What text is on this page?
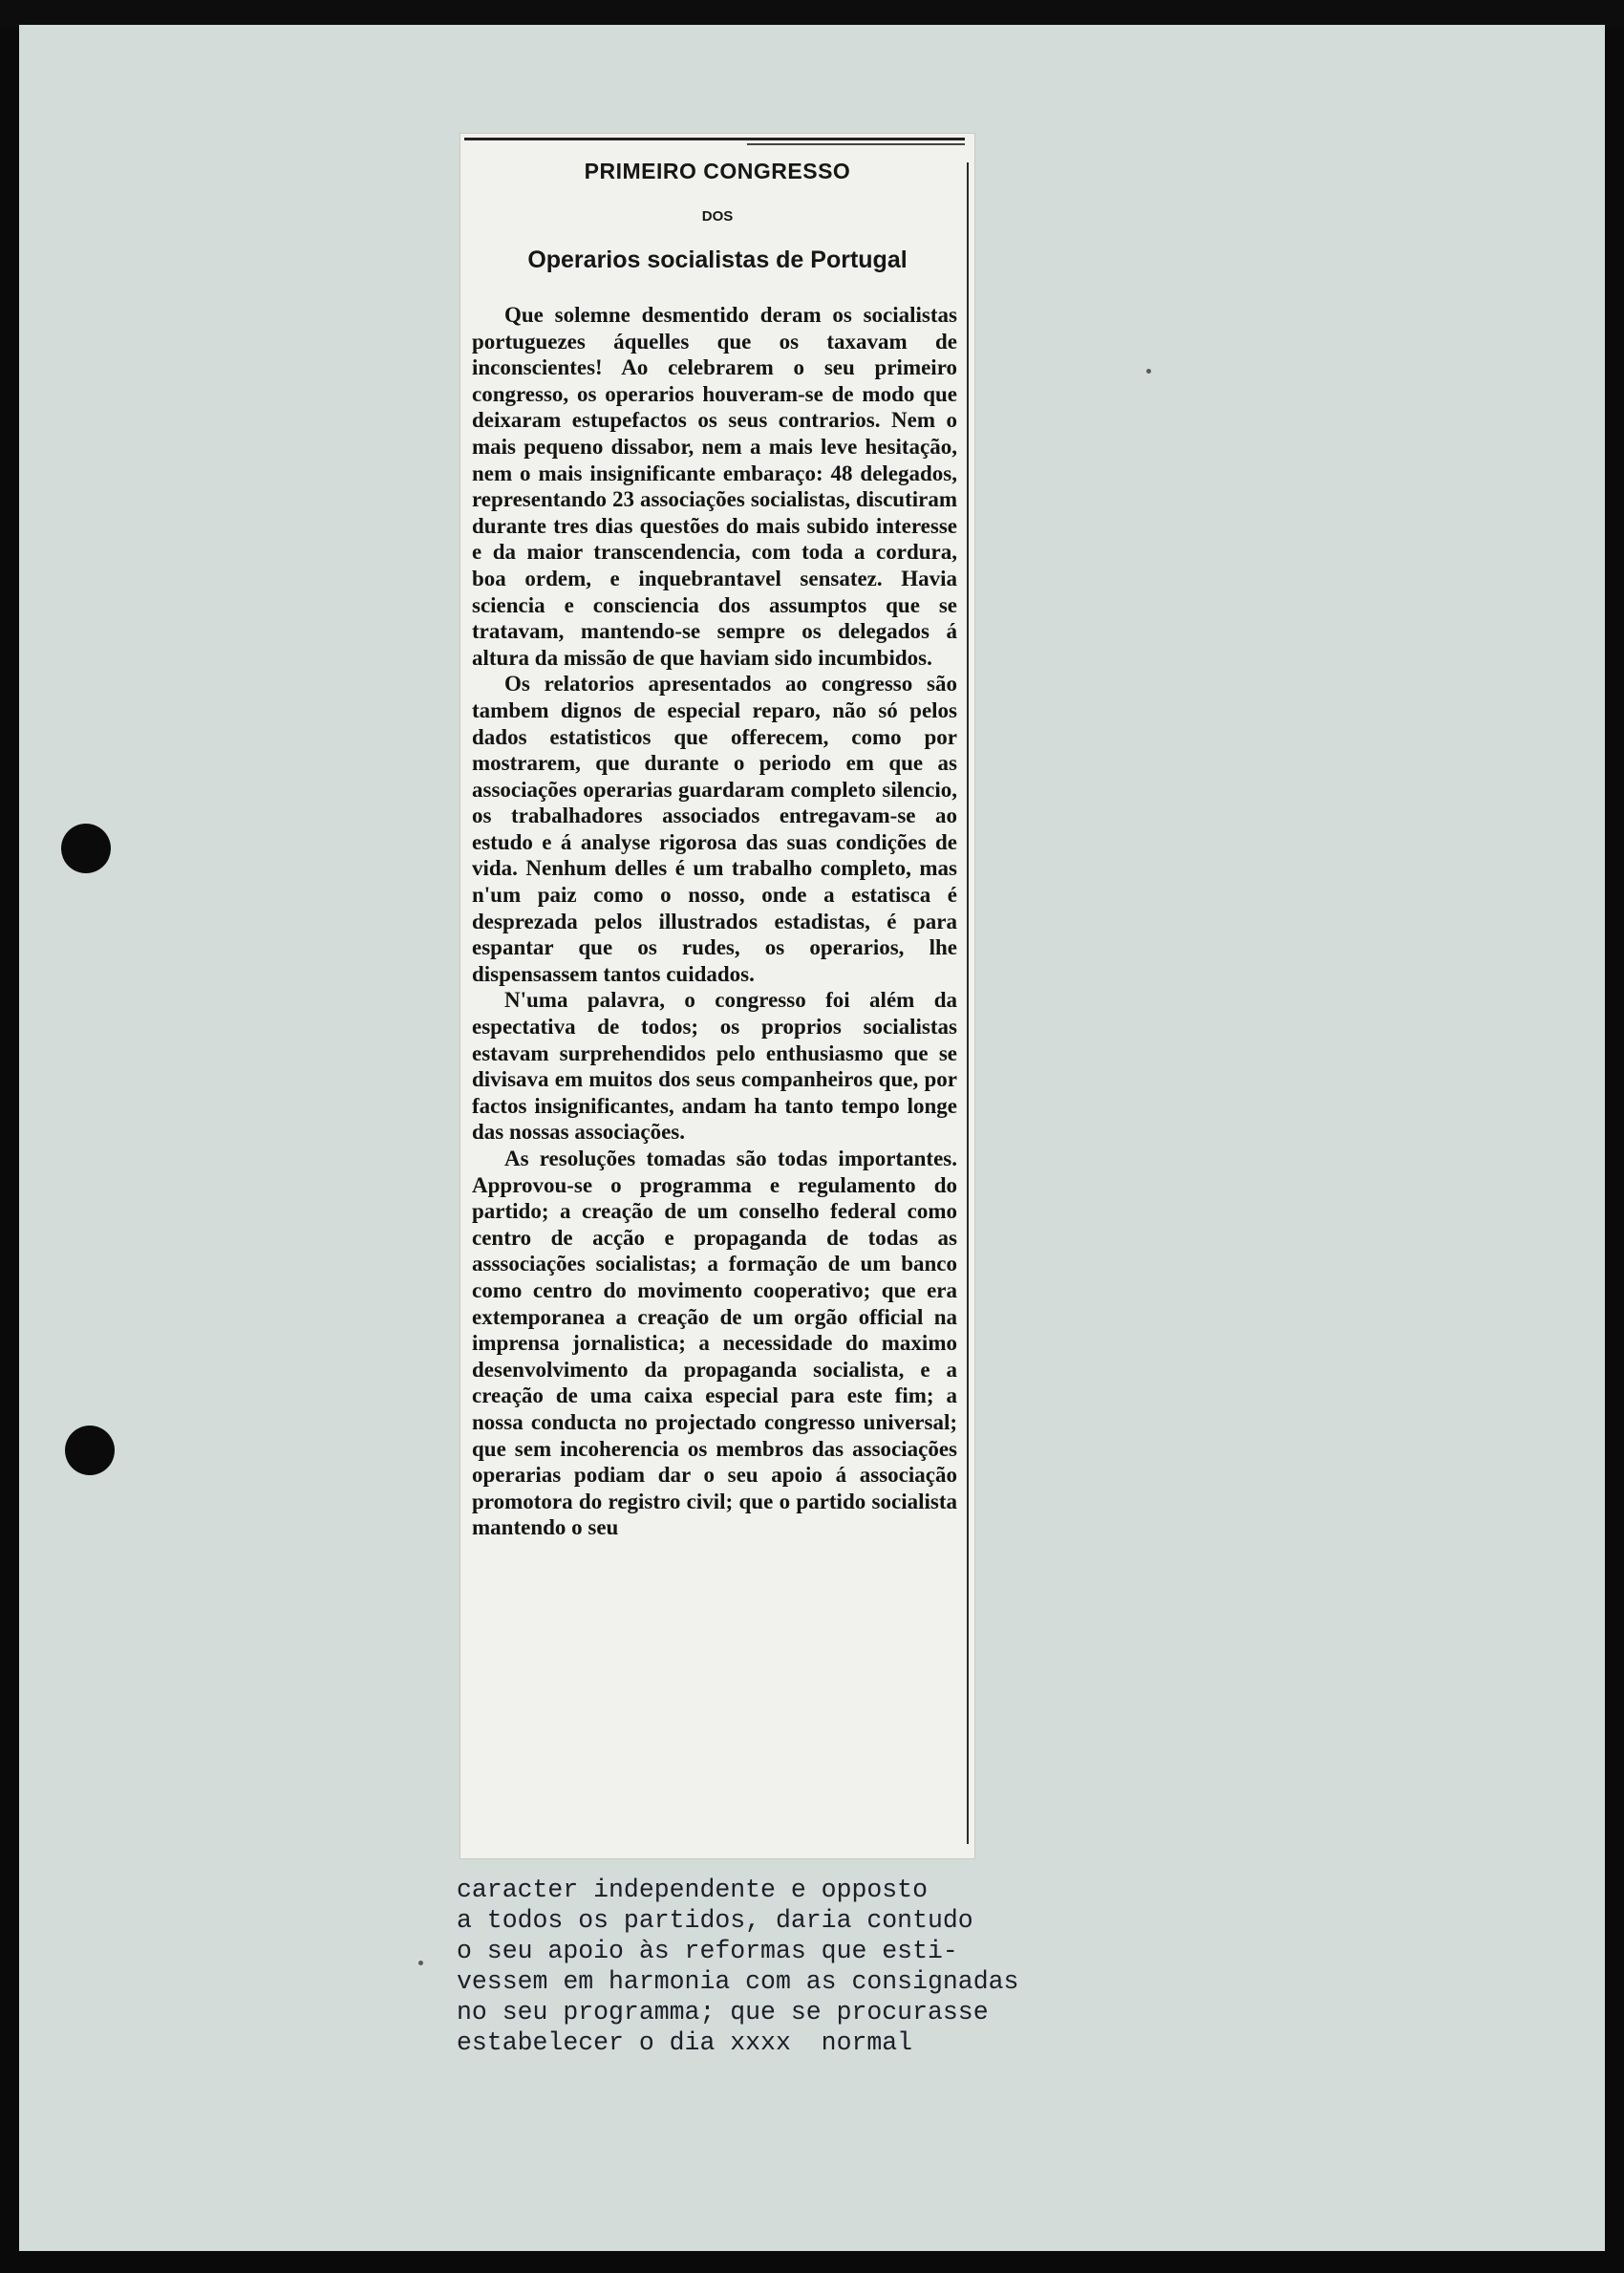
PRIMEIRO CONGRESSO
DOS
Operarios socialistas de Portugal

Que solemne desmentido deram os socialistas portuguezes áquelles que os taxavam de inconscientes! Ao celebrarem o seu primeiro congresso, os operarios houveram-se de modo que deixaram estupefactos os seus contrarios. Nem o mais pequeno dissabor, nem a mais leve hesitação, nem o mais insignificante embaraço: 48 delegados, representando 23 associações socialistas, discutiram durante tres dias questões do mais subido interesse e da maior transcendencia, com toda a cordura, boa ordem, e inquebrantavel sensatez. Havia sciencia e consciencia dos assumptos que se tratavam, mantendo-se sempre os delegados á altura da missão de que haviam sido incumbidos.

Os relatorios apresentados ao congresso são tambem dignos de especial reparo, não só pelos dados estatisticos que offerecem, como por mostrarem, que durante o periodo em que as associações operarias guardaram completo silencio, os trabalhadores associados entregavam-se ao estudo e á analyse rigorosa das suas condições de vida. Nenhum delles é um trabalho completo, mas n'um paiz como o nosso, onde a estatisca é desprezada pelos illustrados estadistas, é para espantar que os rudes, os operarios, lhe dispensassem tantos cuidados.

N'uma palavra, o congresso foi além da espectativa de todos; os proprios socialistas estavam surprehendidos pelo enthusiasmo que se divisava em muitos dos seus companheiros que, por factos insignificantes, andam ha tanto tempo longe das nossas associações.

As resoluções tomadas são todas importantes. Approvou-se o programma e regulamento do partido; a creação de um conselho federal como centro de acção e propaganda de todas as asssociações socialistas; a formação de um banco como centro do movimento cooperativo; que era extemporanea a creação de um orgão official na imprensa jornalistica; a necessidade do maximo desenvolvimento da propaganda socialista, e a creação de uma caixa especial para este fim; a nossa conducta no projectado congresso universal; que sem incoherencia os membros das associações operarias podiam dar o seu apoio á associação promotora do registro civil; que o partido socialista mantendo o seu

caracter independente e opposto
a todos os partidos, daria contudo
o seu apoio às reformas que esti-
vessem em harmonia com as consignadas
no seu programma; que se procurasse
estabelecer o dia xxxx  normal
